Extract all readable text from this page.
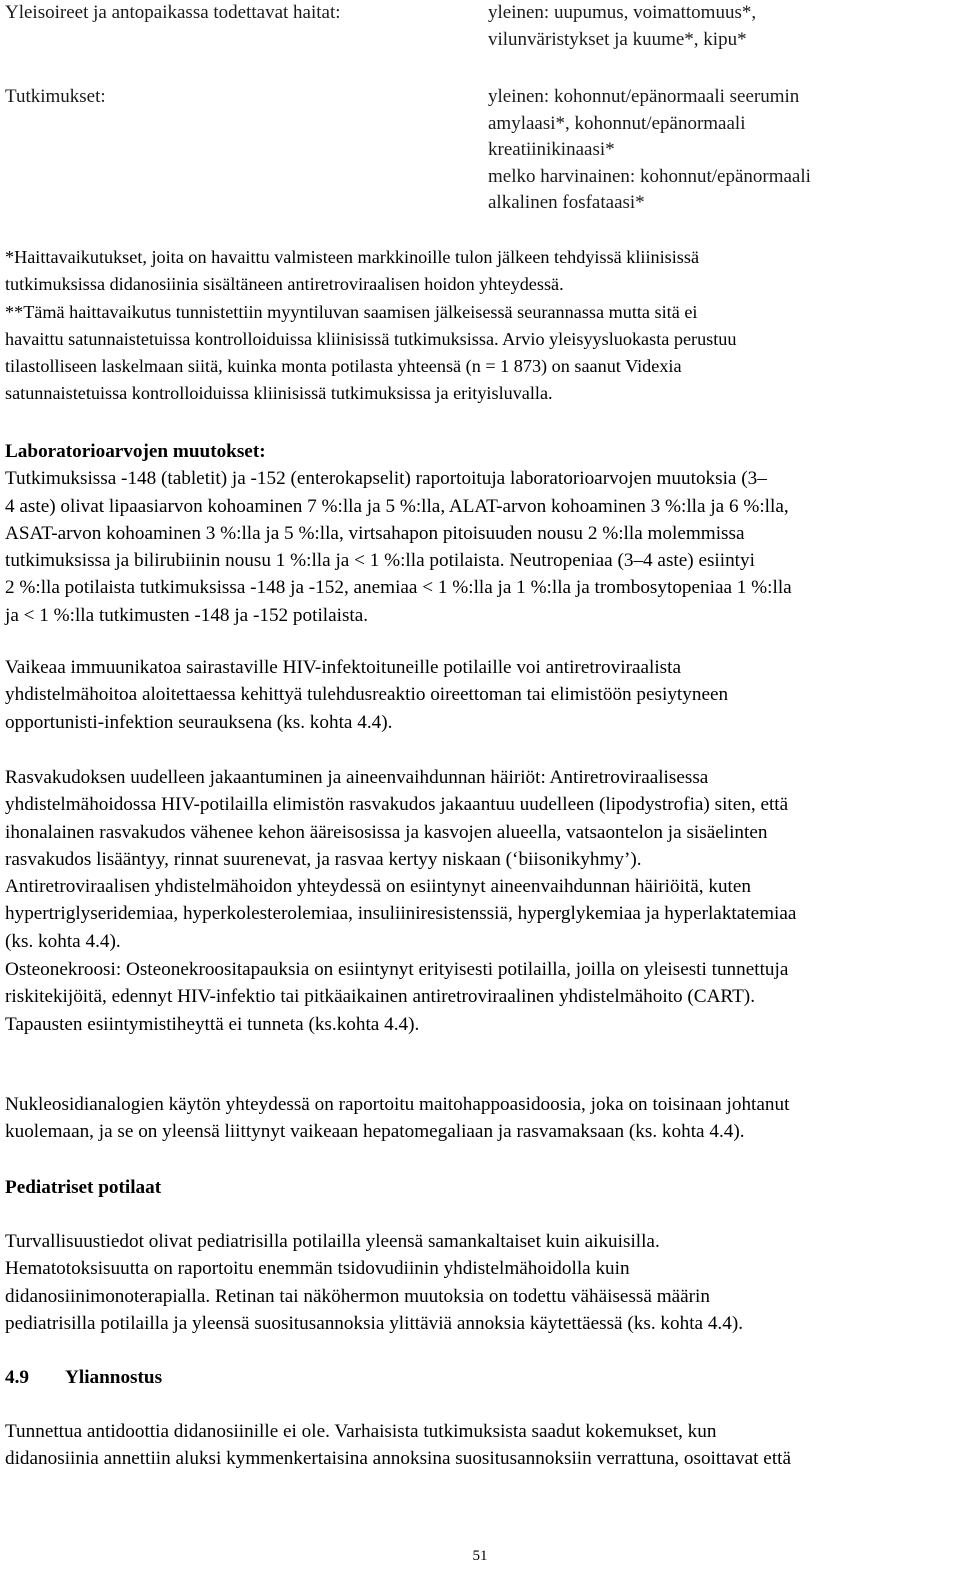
Yleisoireet ja antopaikassa todettavat haitat:	yleinen: uupumus, voimattomuus*,
vilunväristykset ja kuume*, kipu*
Tutkimukset:	yleinen: kohonnut/epänormaali seerumin
amylaasi*, kohonnut/epänormaali
kreatiinikinaasi*
melko harvinainen: kohonnut/epänormaali
alkalinen fosfataasi*
*Haittavaikutukset, joita on havaittu valmisteen markkinoille tulon jälkeen tehdyissä kliinisissä
tutkimuksissa didanosiinia sisältäneen antiretroviraalisen hoidon yhteydessä.
**Tämä haittavaikutus tunnistettiin myyntiluvan saamisen jälkeisessä seurannassa mutta sitä ei
havaittu satunnaistetuissa kontrolloiduissa kliinisissä tutkimuksissa. Arvio yleisyysluokasta perustuu
tilastolliseen laskelmaan siitä, kuinka monta potilasta yhteensä (n = 1 873) on saanut Videxia
satunnaistetuissa kontrolloiduissa kliinisissä tutkimuksissa ja erityisluvalla.
Laboratorioarvojen muutokset:
Tutkimuksissa -148 (tabletit) ja -152 (enterokapselit) raportoituja laboratorioarvojen muutoksia (3–
4 aste) olivat lipaasiarvon kohoaminen 7 %:lla ja 5 %:lla, ALAT-arvon kohoaminen 3 %:lla ja 6 %:lla,
ASAT-arvon kohoaminen 3 %:lla ja 5 %:lla, virtsahapon pitoisuuden nousu 2 %:lla molemmissa
tutkimuksissa ja bilirubiinin nousu 1 %:lla ja < 1 %:lla potilaista. Neutropeniaa (3–4 aste) esiintyi
2 %:lla potilaista tutkimuksissa -148 ja -152, anemiaa < 1 %:lla ja 1 %:lla ja trombosytopeniaa 1 %:lla
ja < 1 %:lla tutkimusten -148 ja -152 potilaista.
Vaikeaa immuunikatoa sairastaville HIV-infektoituneille potilaille voi antiretroviraalista
yhdistelmähoitoa aloitettaessa kehittyä tulehdusreaktio oireettoman tai elimistöön pesiytyneen
opportunisti-infektion seurauksena (ks. kohta 4.4).
Rasvakudoksen uudelleen jakaantuminen ja aineenvaihdunnan häiriöt: Antiretroviraalisessa
yhdistelmähoidossa HIV-potilailla elimistön rasvakudos jakaantuu uudelleen (lipodystrofia) siten, että
ihonalainen rasvakudos vähenee kehon ääreisosissa ja kasvojen alueella, vatsaontelon ja sisäelinten
rasvakudos lisääntyy, rinnat suurenevat, ja rasvaa kertyy niskaan (‘biisonikyhmy’).
Antiretroviraalisen yhdistelmähoidon yhteydessä on esiintynyt aineenvaihdunnan häiriöitä, kuten
hypertriglyseridemiaa, hyperkolesterolemiaa, insuliiniresistenssiä, hyperglykemiaa ja hyperlaktatemiaa
(ks. kohta 4.4).
Osteonekroosi: Osteonekroositapauksia on esiintynyt erityisesti potilailla, joilla on yleisesti tunnettuja
riskitekijöitä, edennyt HIV-infektio tai pitkäaikainen antiretroviraalinen yhdistelmähoito (CART).
Tapausten esiintymistiheyttä ei tunneta (ks.kohta 4.4).
Nukleosidianalogien käytön yhteydessä on raportoitu maitohappoasidoosia, joka on toisinaan johtanut
kuolemaan, ja se on yleensä liittynyt vaikeaan hepatomegaliaan ja rasvamaksaan (ks. kohta 4.4).
Pediatriset potilaat
Turvallisuustiedot olivat pediatrisilla potilailla yleensä samankaltaiset kuin aikuisilla.
Hematotoksisuutta on raportoitu enemmän tsidovudiinin yhdistelmähoidolla kuin
didanosiinimonoterapialla. Retinan tai näköhermon muutoksia on todettu vähäisessä määrin
pediatrisilla potilailla ja yleensä suositusannoksia ylittäviä annoksia käytettäessä (ks. kohta 4.4).
4.9 Yliannostus
Tunnettua antidoottia didanosiinille ei ole. Varhaisista tutkimuksista saadut kokemukset, kun
didanosiinia annettiin aluksi kymmenkertaisina annoksina suositusannoksiin verrattuna, osoittavat että
51
